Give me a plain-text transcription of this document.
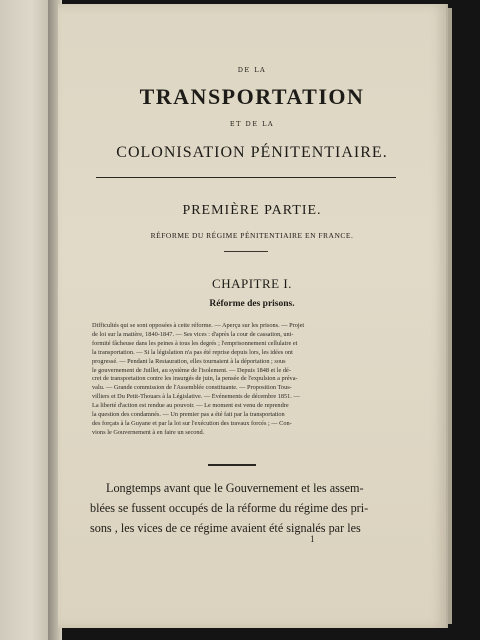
DE LA
TRANSPORTATION
ET DE LA
COLONISATION PÉNITENTIAIRE.
PREMIÈRE PARTIE.
RÉFORME DU RÉGIME PÉNITENTIAIRE EN FRANCE.
CHAPITRE I.
Réforme des prisons.
Difficultés qui se sont opposées à cette réforme. — Aperçu sur les prisons. — Projet
de loi sur la matière, 1840-1847. — Ses vices : d'après la cour de cassation, uni-
formité fâcheuse dans les peines à tous les degrés ; l'emprisonnement cellulaire et
la transportation. — Si la législation n'a pas été reprise depuis lors, les idées ont
progressé. — Pendant la Restauration, elles tournaient à la déportation ; sous
le gouvernement de Juillet, au système de l'isolement. — Depuis 1848 et le dé-
cret de transportation contre les insurgés de juin, la pensée de l'expulsion a préva-
valu. — Grande commission de l'Assemblée constituante. — Proposition Tous-
villiers et Du Petit-Thouars à la Législative. — Événements de décembre 1851. —
La liberté d'action est rendue au pouvoir. — Le moment est venu de reprendre
la question des condamnés. — Un premier pas a été fait par la transportation
des forçats à la Guyane et par la loi sur l'exécution des travaux forcés ; — Con-
vions le Gouvernement à en faire un second.
Longtemps avant que le Gouvernement et les assem-
blées se fussent occupés de la réforme du régime des pri-
sons , les vices de ce régime avaient été signalés par les
1
